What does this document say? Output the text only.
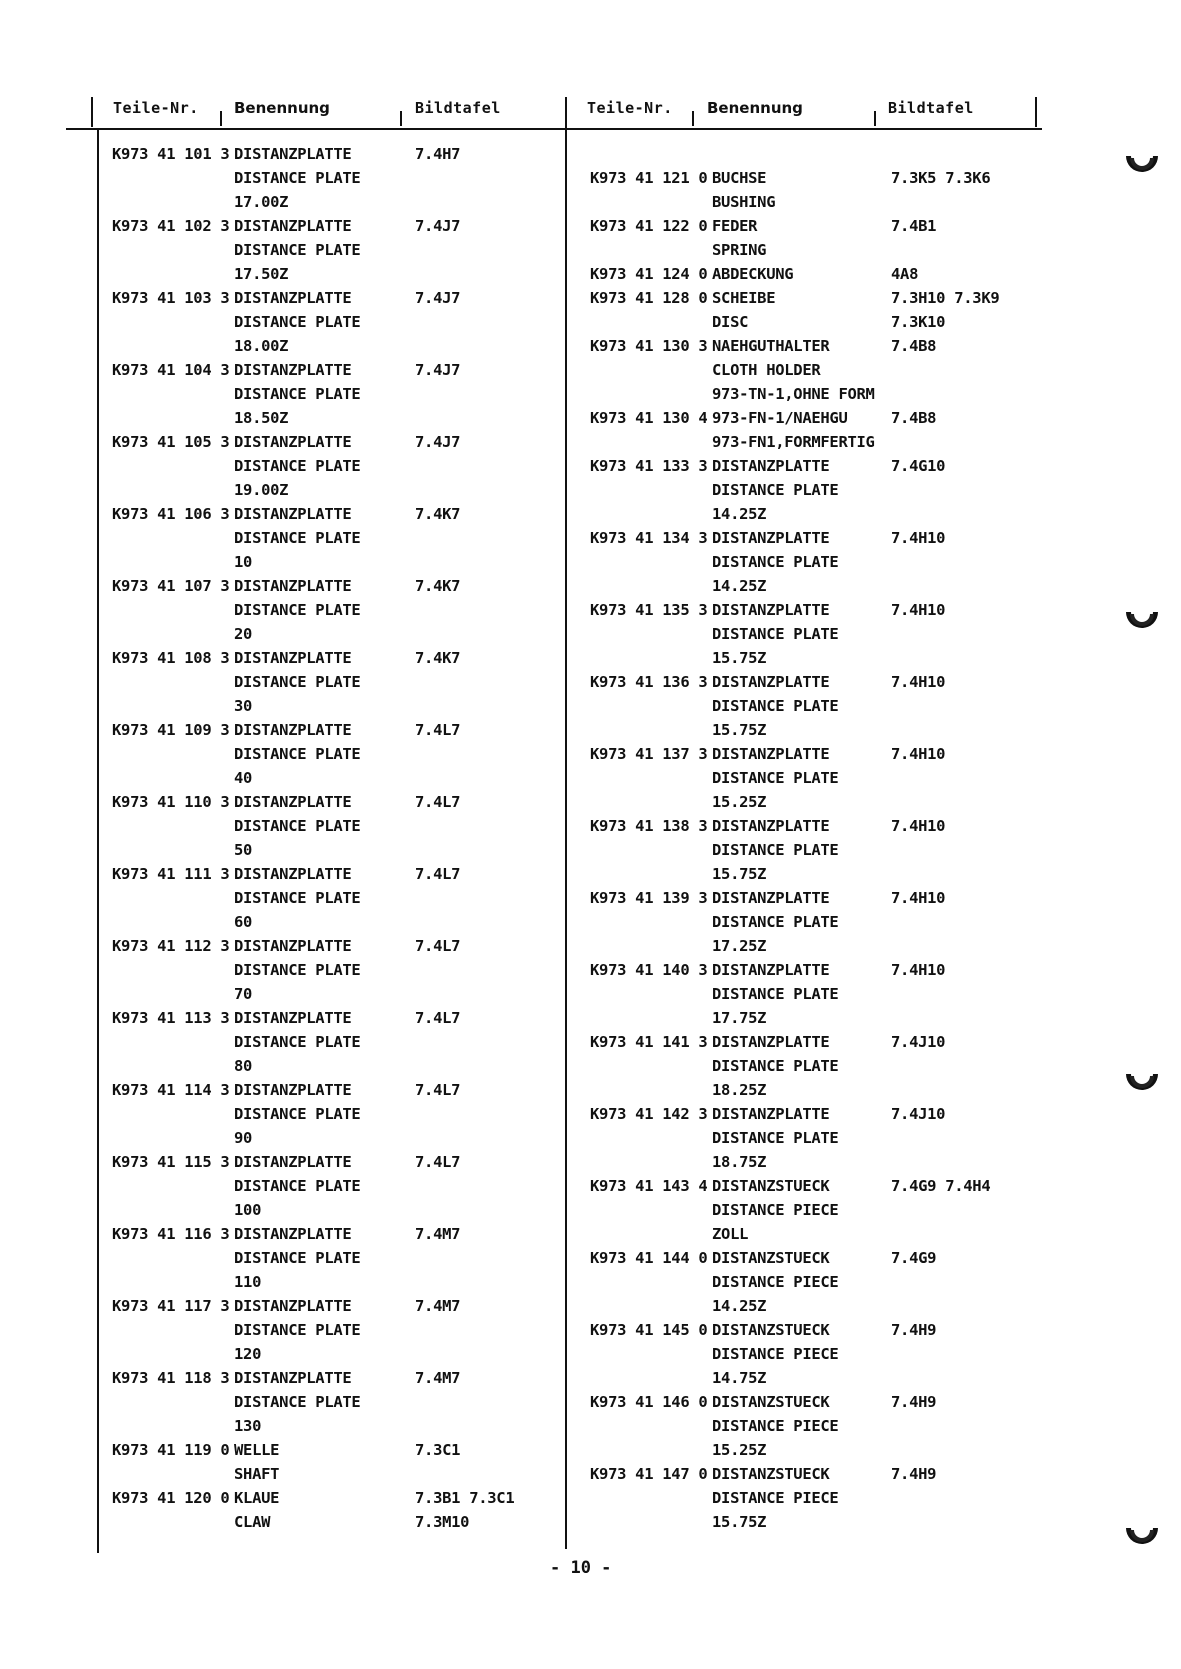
Teile-Nr. Benennung	Bildtafel	Teile-Nr. Benennung	Bildtafel
K973 41 101 3 DISTANZPLATTE	7.4H7
DISTANCE PLATE
17.00Z
K973 41 102 3 DISTANZPLATTE	7.4J7
DISTANCE PLATE
17.50Z
K973 41 103 3 DISTANZPLATTE	7.4J7
DISTANCE PLATE
18.00Z
K973 41 104 3 DISTANZPLATTE	7.4J7
DISTANCE PLATE
18.50Z
K973 41 105 3 DISTANZPLATTE	7.4J7
DISTANCE PLATE
19.00Z
K973 41 106 3 DISTANZPLATTE	7.4K7
DISTANCE PLATE
10
K973 41 107 3 DISTANZPLATTE	7.4K7
DISTANCE PLATE
20
K973 41 108 3 DISTANZPLATTE	7.4K7
DISTANCE PLATE
30
K973 41 109 3 DISTANZPLATTE	7.4L7
DISTANCE PLATE
40
K973 41 110 3 DISTANZPLATTE	7.4L7
DISTANCE PLATE
50
K973 41 111 3 DISTANZPLATTE	7.4L7
DISTANCE PLATE
60
K973 41 112 3 DISTANZPLATTE	7.4L7
DISTANCE PLATE
70
K973 41 113 3 DISTANZPLATTE	7.4L7
DISTANCE PLATE
80
K973 41 114 3 DISTANZPLATTE	7.4L7
DISTANCE PLATE
90
K973 41 115 3 DISTANZPLATTE	7.4L7
DISTANCE PLATE
100
K973 41 116 3 DISTANZPLATTE	7.4M7
DISTANCE PLATE
110
K973 41 117 3 DISTANZPLATTE	7.4M7
DISTANCE PLATE
120
K973 41 118 3 DISTANZPLATTE	7.4M7
DISTANCE PLATE
130
K973 41 119 0 WELLE	7.3C1
SHAFT
K973 41 120 0 KLAUE	7.3B1 7.3C1
CLAW	7.3M10
K973 41 121 0 BUCHSE	7.3K5 7.3K6
BUSHING
K973 41 122 0 FEDER	7.4B1
SPRING
K973 41 124 0 ABDECKUNG	4A8
K973 41 128 0 SCHEIBE	7.3H10 7.3K9
DISC	7.3K10
K973 41 130 3 NAEHGUTHALTER	7.4B8
CLOTH HOLDER
973-TN-1,OHNE FORM
K973 41 130 4 973-FN-1/NAEHGU	7.4B8
973-FN1,FORMFERTIG
K973 41 133 3 DISTANZPLATTE	7.4G10
DISTANCE PLATE
14.25Z
K973 41 134 3 DISTANZPLATTE	7.4H10
DISTANCE PLATE
14.25Z
K973 41 135 3 DISTANZPLATTE	7.4H10
DISTANCE PLATE
15.75Z
K973 41 136 3 DISTANZPLATTE	7.4H10
DISTANCE PLATE
15.75Z
K973 41 137 3 DISTANZPLATTE	7.4H10
DISTANCE PLATE
15.25Z
K973 41 138 3 DISTANZPLATTE	7.4H10
DISTANCE PLATE
15.75Z
K973 41 139 3 DISTANZPLATTE	7.4H10
DISTANCE PLATE
17.25Z
K973 41 140 3 DISTANZPLATTE	7.4H10
DISTANCE PLATE
17.75Z
K973 41 141 3 DISTANZPLATTE	7.4J10
DISTANCE PLATE
18.25Z
K973 41 142 3 DISTANZPLATTE	7.4J10
DISTANCE PLATE
18.75Z
K973 41 143 4 DISTANZSTUECK	7.4G9 7.4H4
DISTANCE PIECE
ZOLL
K973 41 144 0 DISTANZSTUECK	7.4G9
DISTANCE PIECE
14.25Z
K973 41 145 0 DISTANZSTUECK	7.4H9
DISTANCE PIECE
14.75Z
K973 41 146 0 DISTANZSTUECK	7.4H9
DISTANCE PIECE
15.25Z
K973 41 147 0 DISTANZSTUECK	7.4H9
DISTANCE PIECE
15.75Z
- 10 -
